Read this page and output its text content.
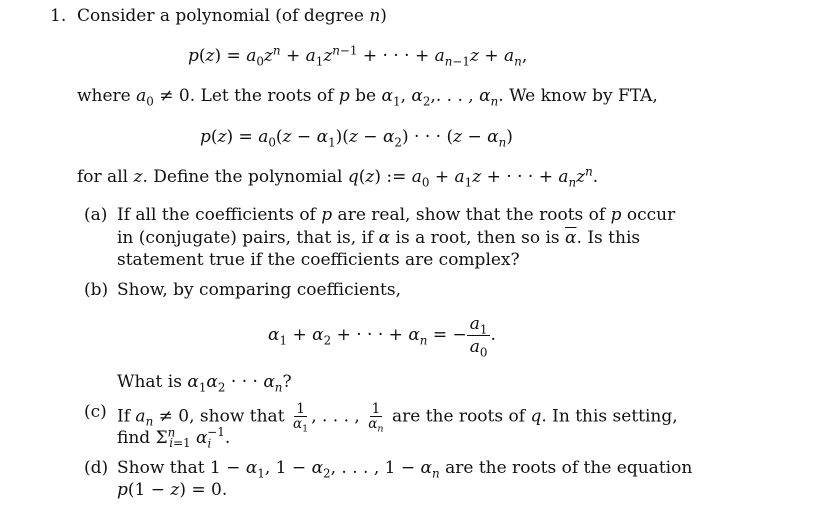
1. Consider a polynomial (of degree n)
$p(z) = a_0z^n + a_1z^{n-1}$ + · · · + $a_{n-1}z + a_n$,
where $a_0 \ne 0$. Let the roots of p be $\alpha_1$, $\alpha_2$,. . . , $\alpha_n$. We know by FTA,
$p(z) = a_0(z - \alpha_1)(z - \alpha_2)$ · · · $(z - \alpha_n)$
for all z. Define the polynomial q(z) := $a_0 + a_1z$ + · · · + $a_nz^n$.
(a) If all the coefficients of p are real, show that the roots of p occur
in (conjugate) pairs, that is, if α is a root, then so is $\overline{\alpha}$. Is this
statement true if the coefficients are complex?
(b) Show, by comparing coefficients,
$\alpha_1 + \alpha_2$ + · · · + $\alpha_n$ = − $\frac{a_1}{a_0}$ .
What is $\alpha_1\alpha_2$ · · · $\alpha_n$?
(c) If $a_n \ne 0$, show that $\frac{1}{\alpha_1}$ , . . . , $\frac{1}{\alpha_n}$ are the roots of q. In this setting,
find $\Sigma^n_{i=1}$ $\alpha_i^{-1}$.
(d) Show that $1 - \alpha_1$, $1 - \alpha_2$, . . . , $1 - \alpha_n$ are the roots of the equation
p(1 − z) = 0.
